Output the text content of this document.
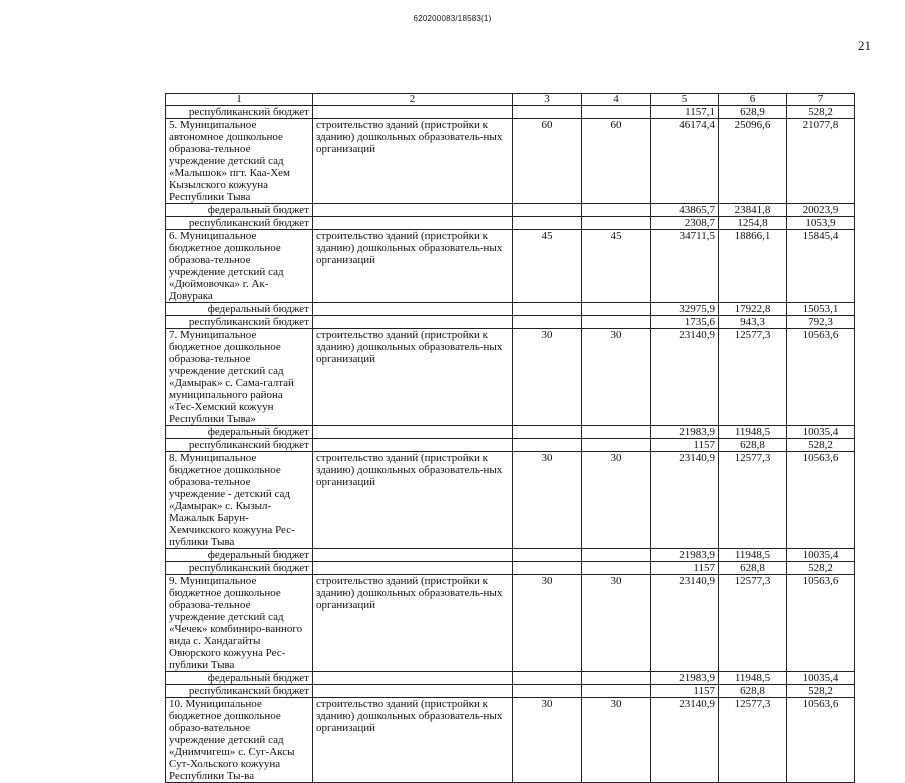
620200083/18583(1)
21
1	2	3	4	5	6	7
республиканский бюджет				1157,1	628,9	528,2
5. Муниципальное автономное дошкольное образова-тельное учреждение детский сад «Малышок» пгт. Каа-Хем Кызылского кожууна Республики Тыва	строительство зданий (пристройки к зданию) дошкольных образователь-ных организаций	60	60	46174,4	25096,6	21077,8
федеральный бюджет				43865,7	23841,8	20023,9
республиканский бюджет				2308,7	1254,8	1053,9
6. Муниципальное бюджетное дошкольное образова-тельное учреждение детский сад «Дюймовочка» г. Ак-Довурака	строительство зданий (пристройки к зданию) дошкольных образователь-ных организаций	45	45	34711,5	18866,1	15845,4
федеральный бюджет				32975,9	17922,8	15053,1
республиканский бюджет				1735,6	943,3	792,3
7. Муниципальное бюджетное дошкольное образова-тельное учреждение детский сад «Дамырак» с. Сама-галтай муниципального района «Тес-Хемский кожуун Республики Тыва»	строительство зданий (пристройки к зданию) дошкольных образователь-ных организаций	30	30	23140,9	12577,3	10563,6
федеральный бюджет				21983,9	11948,5	10035,4
республиканский бюджет				1157	628,8	528,2
8. Муниципальное бюджетное дошкольное образова-тельное учреждение - детский сад «Дамырак» с. Кызыл-Мажалык Барун-Хемчикского кожууна Рес-публики Тыва	строительство зданий (пристройки к зданию) дошкольных образователь-ных организаций	30	30	23140,9	12577,3	10563,6
федеральный бюджет				21983,9	11948,5	10035,4
республиканский бюджет				1157	628,8	528,2
9. Муниципальное бюджетное дошкольное образова-тельное учреждение детский сад «Чечек» комбиниро-ванного вида с. Хандагайты Овюрского кожууна Рес-публики Тыва	строительство зданий (пристройки к зданию) дошкольных образователь-ных организаций	30	30	23140,9	12577,3	10563,6
федеральный бюджет				21983,9	11948,5	10035,4
республиканский бюджет				1157	628,8	528,2
10. Муниципальное бюджетное дошкольное образо-вательное учреждение детский сад «Днимчигеш» с. Суг-Аксы Сут-Хольского кожууна Республики Ты-ва	строительство зданий (пристройки к зданию) дошкольных образователь-ных организаций	30	30	23140,9	12577,3	10563,6
